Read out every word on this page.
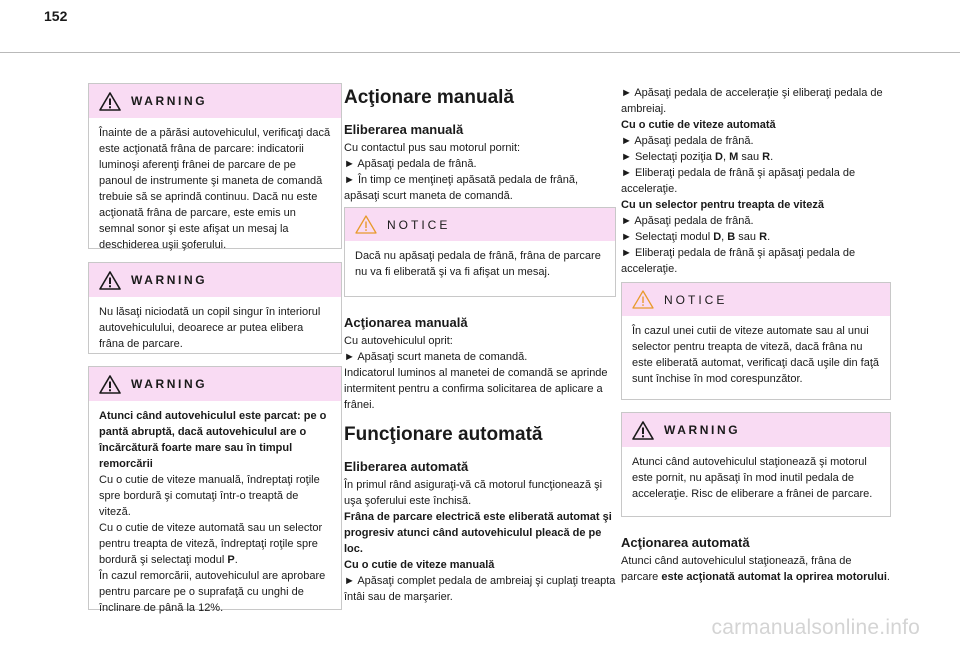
152
WARNING
Înainte de a părăsi autovehiculul, verificaţi dacă este acţionată frâna de parcare: indicatorii luminoşi aferenţi frânei de parcare de pe panoul de instrumente şi maneta de comandă trebuie să se aprindă continuu. Dacă nu este acţionată frâna de parcare, este emis un semnal sonor şi este afişat un mesaj la deschiderea uşii şoferului.
WARNING
Nu lăsaţi niciodată un copil singur în interiorul autovehiculului, deoarece ar putea elibera frâna de parcare.
WARNING

Atunci când autovehiculul este parcat: pe o pantă abruptă, dacă autovehiculul are o încărcătură foarte mare sau în timpul remorcării

Cu o cutie de viteze manuală, îndreptaţi roţile spre bordură şi comutaţi într-o treaptă de viteză.

Cu o cutie de viteze automată sau un selector pentru treapta de viteză, îndreptaţi roţile spre bordură şi selectaţi modul P.

În cazul remorcării, autovehiculul are aprobare pentru parcare pe o suprafaţă cu unghi de înclinare de până la 12%.

Acţionare manuală
Eliberarea manuală

Cu contactul pus sau motorul pornit:

► Apăsaţi pedala de frână.

► În timp ce menţineţi apăsată pedala de frână, apăsaţi scurt maneta de comandă.

NOTICE
Dacă nu apăsaţi pedala de frână, frâna de parcare nu va fi eliberată şi va fi afişat un mesaj.
Acţionarea manuală

Cu autovehiculul oprit:

► Apăsaţi scurt maneta de comandă.

Indicatorul luminos al manetei de comandă se aprinde intermitent pentru a confirma solicitarea de aplicare a frânei.

Funcţionare automată
Eliberarea automată

În primul rând asiguraţi-vă că motorul funcţionează şi uşa şoferului este închisă.

Frâna de parcare electrică este eliberată automat şi progresiv atunci când autovehiculul pleacă de pe loc.

Cu o cutie de viteze manuală

► Apăsaţi complet pedala de ambreiaj şi cuplaţi treapta întâi sau de marşarier.

► Apăsaţi pedala de acceleraţie şi eliberaţi pedala de ambreiaj.

Cu o cutie de viteze automată

► Apăsaţi pedala de frână.

► Selectaţi poziţia D, M sau R.

► Eliberaţi pedala de frână şi apăsaţi pedala de acceleraţie.

Cu un selector pentru treapta de viteză

► Apăsaţi pedala de frână.

► Selectaţi modul D, B sau R.

► Eliberaţi pedala de frână şi apăsaţi pedala de acceleraţie.

NOTICE
În cazul unei cutii de viteze automate sau al unui selector pentru treapta de viteză, dacă frâna nu este eliberată automat, verificaţi dacă uşile din faţă sunt închise în mod corespunzător.
WARNING
Atunci când autovehiculul staţionează şi motorul este pornit, nu apăsaţi în mod inutil pedala de acceleraţie. Risc de eliberare a frânei de parcare.
Acţionarea automată

Atunci când autovehiculul staţionează, frâna de parcare este acţionată automat la oprirea motorului.

carmanualsonline.info
